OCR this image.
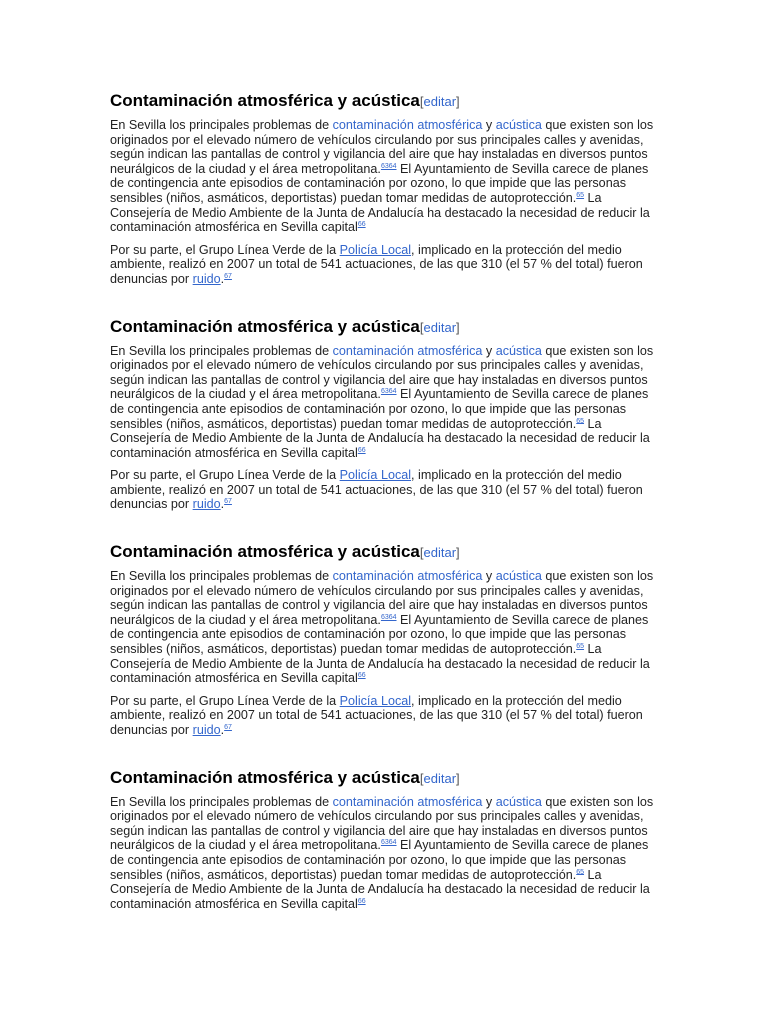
Contaminación atmosférica y acústica[editar]

En Sevilla los principales problemas de contaminación atmosférica y acústica que existen son los originados por el elevado número de vehículos circulando por sus principales calles y avenidas, según indican las pantallas de control y vigilancia del aire que hay instaladas en diversos puntos neurálgicos de la ciudad y el área metropolitana.$^{6364}$ El Ayuntamiento de Sevilla carece de planes de contingencia ante episodios de contaminación por ozono, lo que impide que las personas sensibles (niños, asmáticos, deportistas) puedan tomar medidas de autoprotección.$^{65}$ La Consejería de Medio Ambiente de la Junta de Andalucía ha destacado la necesidad de reducir la contaminación atmosférica en Sevilla capital$^{66}$

Por su parte, el Grupo Línea Verde de la Policía Local, implicado en la protección del medio ambiente, realizó en 2007 un total de 541 actuaciones, de las que 310 (el 57 % del total) fueron denuncias por ruido.$^{67}$

Contaminación atmosférica y acústica[editar]

En Sevilla los principales problemas de contaminación atmosférica y acústica que existen son los originados por el elevado número de vehículos circulando por sus principales calles y avenidas, según indican las pantallas de control y vigilancia del aire que hay instaladas en diversos puntos neurálgicos de la ciudad y el área metropolitana.$^{6364}$ El Ayuntamiento de Sevilla carece de planes de contingencia ante episodios de contaminación por ozono, lo que impide que las personas sensibles (niños, asmáticos, deportistas) puedan tomar medidas de autoprotección.$^{65}$ La Consejería de Medio Ambiente de la Junta de Andalucía ha destacado la necesidad de reducir la contaminación atmosférica en Sevilla capital$^{66}$

Por su parte, el Grupo Línea Verde de la Policía Local, implicado en la protección del medio ambiente, realizó en 2007 un total de 541 actuaciones, de las que 310 (el 57 % del total) fueron denuncias por ruido.$^{67}$

Contaminación atmosférica y acústica[editar]

En Sevilla los principales problemas de contaminación atmosférica y acústica que existen son los originados por el elevado número de vehículos circulando por sus principales calles y avenidas, según indican las pantallas de control y vigilancia del aire que hay instaladas en diversos puntos neurálgicos de la ciudad y el área metropolitana.$^{6364}$ El Ayuntamiento de Sevilla carece de planes de contingencia ante episodios de contaminación por ozono, lo que impide que las personas sensibles (niños, asmáticos, deportistas) puedan tomar medidas de autoprotección.$^{65}$ La Consejería de Medio Ambiente de la Junta de Andalucía ha destacado la necesidad de reducir la contaminación atmosférica en Sevilla capital$^{66}$

Por su parte, el Grupo Línea Verde de la Policía Local, implicado en la protección del medio ambiente, realizó en 2007 un total de 541 actuaciones, de las que 310 (el 57 % del total) fueron denuncias por ruido.$^{67}$

Contaminación atmosférica y acústica[editar]

En Sevilla los principales problemas de contaminación atmosférica y acústica que existen son los originados por el elevado número de vehículos circulando por sus principales calles y avenidas, según indican las pantallas de control y vigilancia del aire que hay instaladas en diversos puntos neurálgicos de la ciudad y el área metropolitana.$^{6364}$ El Ayuntamiento de Sevilla carece de planes de contingencia ante episodios de contaminación por ozono, lo que impide que las personas sensibles (niños, asmáticos, deportistas) puedan tomar medidas de autoprotección.$^{65}$ La Consejería de Medio Ambiente de la Junta de Andalucía ha destacado la necesidad de reducir la contaminación atmosférica en Sevilla capital$^{66}$
